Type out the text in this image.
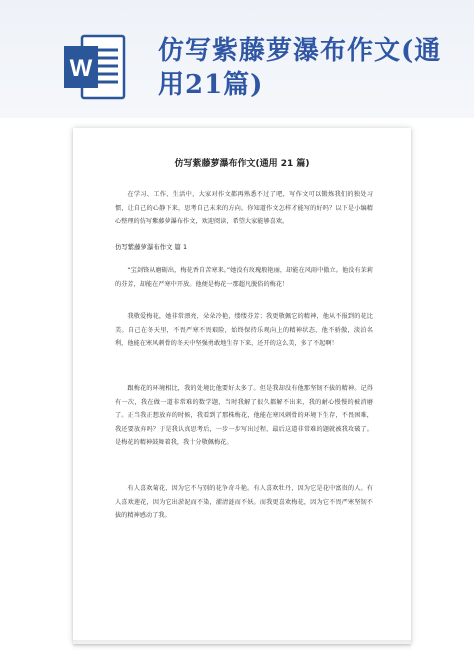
W
仿写紫藤萝瀑布作文(通用21篇)
仿写紫藤萝瀑布作文(通用 21 篇)

在学习、工作、生活中，大家对作文都再熟悉不过了吧，写作文可以锻炼我们的独处习惯，让自己的心静下来，思考自己未来的方向。你知道作文怎样才能写的好吗？以下是小编精心整理的仿写紫藤萝瀑布作文，欢迎阅读，希望大家能够喜欢。

仿写紫藤萝瀑布作文 篇 1

“宝剑锋从磨砺出，梅花香自苦寒来。”她没有玫瑰般艳丽，却能在风雨中傲立。他没有茉莉的芬芳，却能在严寒中开放。他便是梅花一那超凡脱俗的梅花！

我敬爱梅花，她非常漂亮，朵朵冷艳，缕缕芬芳；我更敬佩它的精神，他从不报到的花比美。自己在冬天里，不畏严寒不畏艰险，始终保持乐观向上的精神状态，他不骄傲，淡泊名利，他能在寒风刺骨的冬天中坚强勇敢地生存下来，还开的这么美，多了不起啊！

跟梅花的环境相比，我的处境比他要好太多了。但是我却没有他那坚韧不拔的精神。记得有一次，我在做一道非常难的数学题，当时我解了很久都解不出来，我的耐心慢慢的被消磨了。正当我正想放弃的时候，我看到了那株梅花，他能在寒风刺骨的环境下生存，不畏困难，我还要放弃吗？于是我认真思考后，一步一步写出过程，最后这道非常难的题就被我攻破了。是梅花的精神鼓舞着我，我十分敬佩梅花。

有人喜欢菊花，因为它不与别的花争奇斗艳。有人喜欢牡丹，因为它是花中富贵的人。有人喜欢莲花，因为它出淤泥而不染，濯清涟而不妖。而我更喜欢梅花，因为它不畏严寒坚韧不拔的精神感动了我。
